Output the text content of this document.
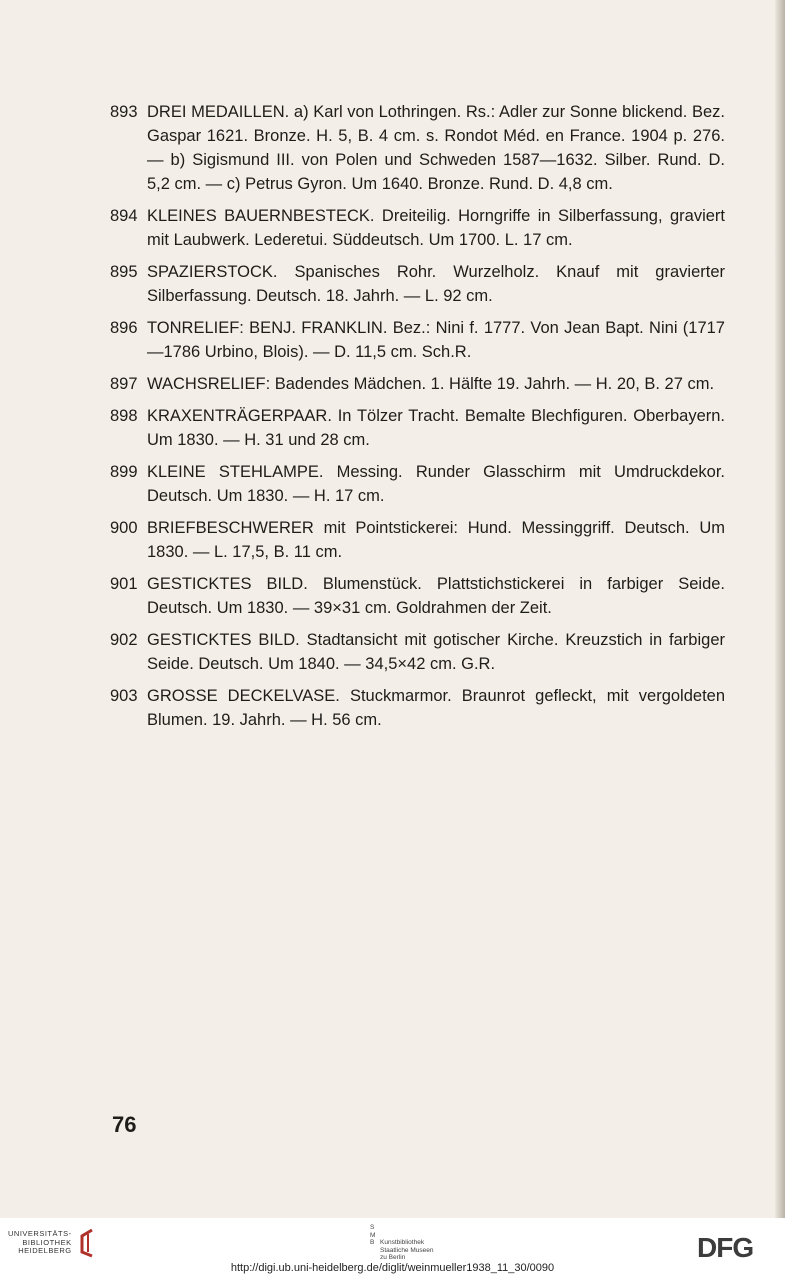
893 DREI MEDAILLEN. a) Karl von Lothringen. Rs.: Adler zur Sonne blickend. Bez. Gaspar 1621. Bronze. H. 5, B. 4 cm. s. Rondot Méd. en France. 1904 p. 276. — b) Sigismund III. von Polen und Schweden 1587—1632. Silber. Rund. D. 5,2 cm. — c) Petrus Gyron. Um 1640. Bronze. Rund. D. 4,8 cm.
894 KLEINES BAUERNBESTECK. Dreiteilig. Horngriffe in Silberfassung, graviert mit Laubwerk. Lederetui. Süddeutsch. Um 1700. L. 17 cm.
895 SPAZIERSTOCK. Spanisches Rohr. Wurzelholz. Knauf mit gravierter Silberfassung. Deutsch. 18. Jahrh. — L. 92 cm.
896 TONRELIEF: BENJ. FRANKLIN. Bez.: Nini f. 1777. Von Jean Bapt. Nini (1717—1786 Urbino, Blois). — D. 11,5 cm. Sch.R.
897 WACHSRELIEF: Badendes Mädchen. 1. Hälfte 19. Jahrh. — H. 20, B. 27 cm.
898 KRAXENTRÄGERPAAR. In Tölzer Tracht. Bemalte Blechfiguren. Oberbayern. Um 1830. — H. 31 und 28 cm.
899 KLEINE STEHLAMPE. Messing. Runder Glasschirm mit Umdruckdekor. Deutsch. Um 1830. — H. 17 cm.
900 BRIEFBESCHWERER mit Pointstickerei: Hund. Messinggriff. Deutsch. Um 1830. — L. 17,5, B. 11 cm.
901 GESTICKTES BILD. Blumenstück. Plattstichstickerei in farbiger Seide. Deutsch. Um 1830. — 39×31 cm. Goldrahmen der Zeit.
902 GESTICKTES BILD. Stadtansicht mit gotischer Kirche. Kreuzstich in farbiger Seide. Deutsch. Um 1840. — 34,5×42 cm. G.R.
903 GROSSE DECKELVASE. Stuckmarmor. Braunrot gefleckt, mit vergoldeten Blumen. 19. Jahrh. — H. 56 cm.
76
UNIVERSITÄTS-
BIBLIOTHEK
HEIDELBERG
S
M
B

Kunstbibliothek
Staatliche Museen
zu Berlin	DFG
http://digi.ub.uni-heidelberg.de/diglit/weinmueller1938_11_30/0090
